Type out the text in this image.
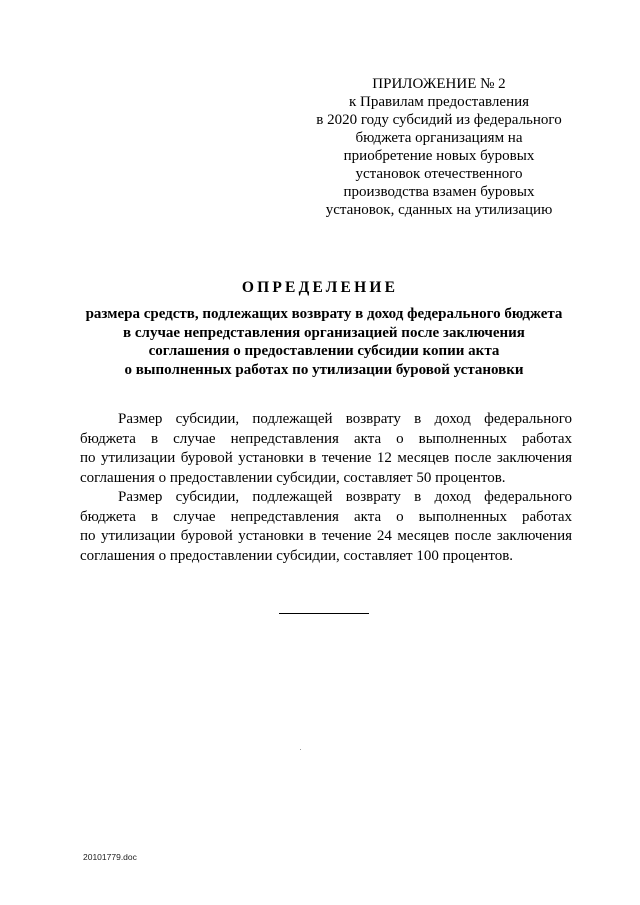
ПРИЛОЖЕНИЕ № 2
к Правилам предоставления
в 2020 году субсидий из федерального
бюджета организациям на
приобретение новых буровых
установок отечественного
производства взамен буровых
установок, сданных на утилизацию
ОПРЕДЕЛЕНИЕ
размера средств, подлежащих возврату в доход федерального бюджета
в случае непредставления организацией после заключения
соглашения о предоставлении субсидии копии акта
о выполненных работах по утилизации буровой установки
Размер субсидии, подлежащей возврату в доход федерального
бюджета в случае непредставления акта о выполненных работах
по утилизации буровой установки в течение 12 месяцев после заключения
соглашения о предоставлении субсидии, составляет 50 процентов.
Размер субсидии, подлежащей возврату в доход федерального
бюджета в случае непредставления акта о выполненных работах
по утилизации буровой установки в течение 24 месяцев после заключения
соглашения о предоставлении субсидии, составляет 100 процентов.
20101779.doc
